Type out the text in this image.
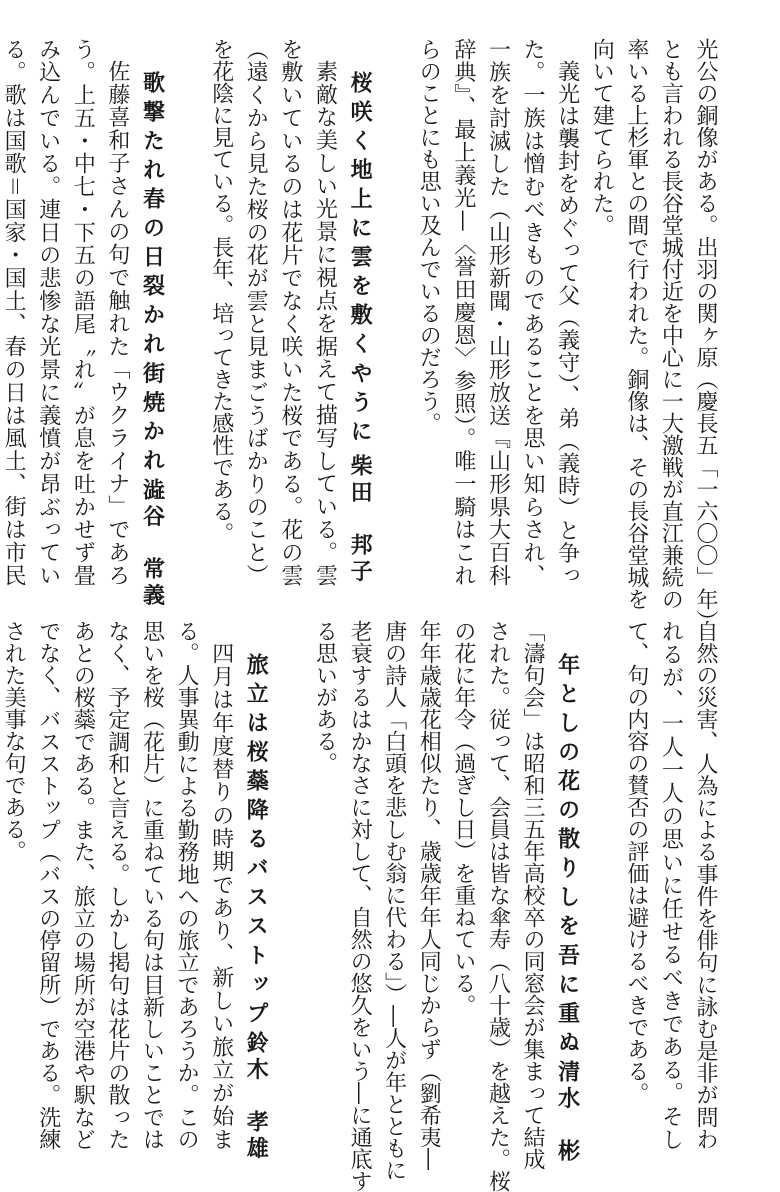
光公の銅像がある。出羽の関ヶ原（慶長五「一六〇〇」年）
とも言われる長谷堂城付近を中心に一大激戦が直江兼続の
率いる上杉軍との間で行われた。銅像は、その長谷堂城を
向いて建てられた。
義光は襲封をめぐって父（義守）、弟（義時）と争った。一族は憎むべきものであることを思い知らされ、一族を討滅した（山形新聞・山形放送『山形県大百科辞典』、最上義光—〈誉田慶恩〉参照）。唯一騎はこれらのことにも思い及んでいるのだろう。
桜咲く地上に雲を敷くやうに
柴田　邦子
素敵な美しい光景に視点を据えて描写している。雲を敷いているのは花片でなく咲いた桜である。花の雲（遠くから見た桜の花が雲と見まごうばかりのこと）を花陰に見ている。長年、培ってきた感性である。
歌撃たれ春の日裂かれ街焼かれ
澁谷　常義
佐藤喜和子さんの句で触れた「ウクライナ」であろう。上五・中七・下五の語尾〝れ〟が息を吐かせず畳み込んでいる。連日の悲惨な光景に義憤が昂ぶっている。歌は国歌＝国家・国土、春の日は風土、街は市民
自然の災害、人為による事件を俳句に詠む是非が問われるが、一人一人の思いに任せるべきである。そして、句の内容の賛否の評価は避けるべきである。
年としの花の散りしを吾に重ぬ
清水　彬
「濤句会」は昭和三五年高校卒の同窓会が集まって結成
された。従って、会員は皆な傘寿（八十歳）を越えた。桜
の花に年令（過ぎし日）を重ねている。
年年歳歳花相似たり、歳歳年年人同じからず（劉希夷―
唐の詩人「白頭を悲しむ翁に代わる」）―人が年とともに
老衰するはかなさに対して、自然の悠久をいう―に通底す
る思いがある。
旅立は桜蘂降るバスストップ
鈴木　孝雄
四月は年度替りの時期であり、新しい旅立が始まる。人事異動による勤務地への旅立であろうか。この思いを桜（花片）に重ねている句は目新しいことではなく、予定調和と言える。しかし掲句は花片の散ったあとの桜蘂である。また、旅立の場所が空港や駅などでなく、バスストップ（バスの停留所）である。洗練された美事な句である。
